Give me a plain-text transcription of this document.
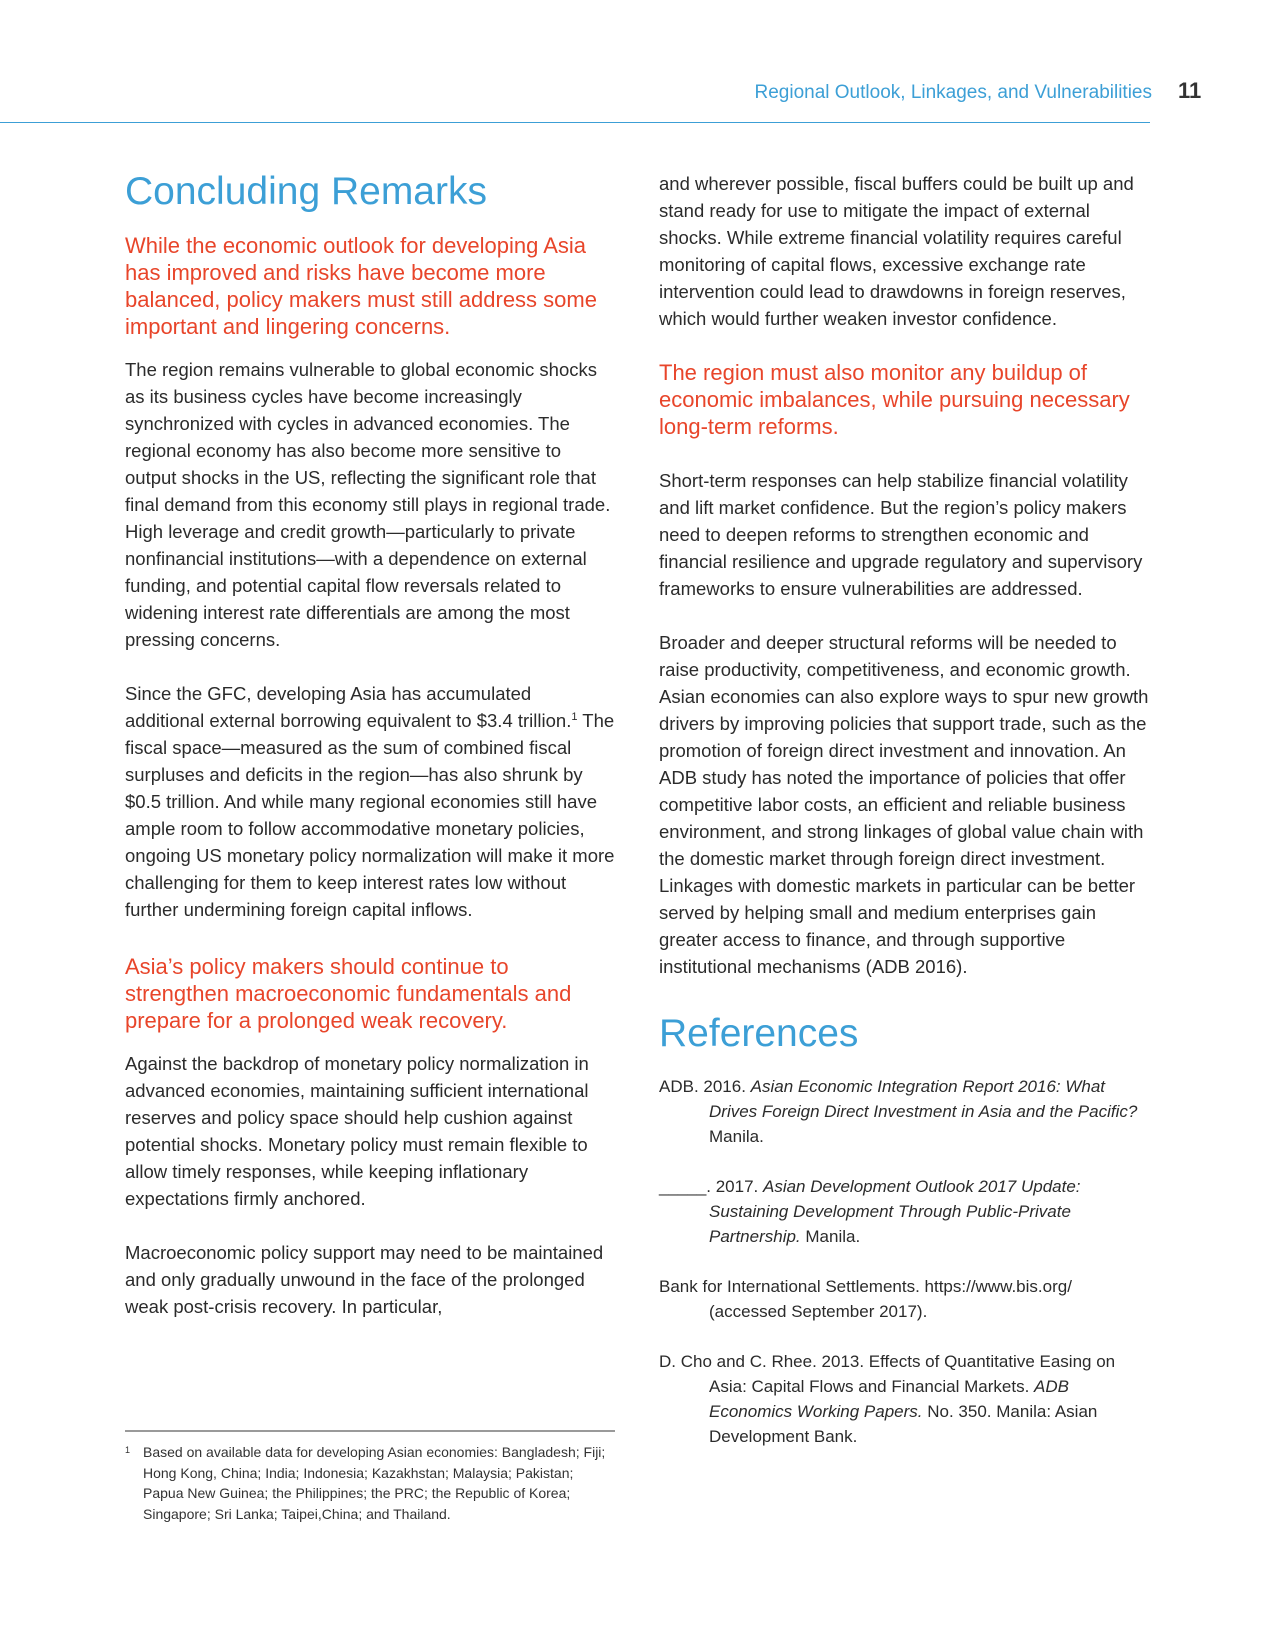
Regional Outlook, Linkages, and Vulnerabilities 11
Concluding Remarks
While the economic outlook for developing Asia has improved and risks have become more balanced, policy makers must still address some important and lingering concerns.

The region remains vulnerable to global economic shocks as its business cycles have become increasingly synchronized with cycles in advanced economies. The regional economy has also become more sensitive to output shocks in the US, reflecting the significant role that final demand from this economy still plays in regional trade. High leverage and credit growth—particularly to private nonfinancial institutions—with a dependence on external funding, and potential capital flow reversals related to widening interest rate differentials are among the most pressing concerns.

Since the GFC, developing Asia has accumulated additional external borrowing equivalent to $3.4 trillion.$^1$ The fiscal space—measured as the sum of combined fiscal surpluses and deficits in the region—has also shrunk by $0.5 trillion. And while many regional economies still have ample room to follow accommodative monetary policies, ongoing US monetary policy normalization will make it more challenging for them to keep interest rates low without further undermining foreign capital inflows.

Asia’s policy makers should continue to strengthen macroeconomic fundamentals and prepare for a prolonged weak recovery.

Against the backdrop of monetary policy normalization in advanced economies, maintaining sufficient international reserves and policy space should help cushion against potential shocks. Monetary policy must remain flexible to allow timely responses, while keeping inflationary expectations firmly anchored.

Macroeconomic policy support may need to be maintained and only gradually unwound in the face of the prolonged weak post-crisis recovery. In particular,

1 Based on available data for developing Asian economies: Bangladesh; Fiji; Hong Kong, China; India; Indonesia; Kazakhstan; Malaysia; Pakistan; Papua New Guinea; the Philippines; the PRC; the Republic of Korea; Singapore; Sri Lanka; Taipei,China; and Thailand.

and wherever possible, fiscal buffers could be built up and stand ready for use to mitigate the impact of external shocks. While extreme financial volatility requires careful monitoring of capital flows, excessive exchange rate intervention could lead to drawdowns in foreign reserves, which would further weaken investor confidence.

The region must also monitor any buildup of economic imbalances, while pursuing necessary long-term reforms.

Short-term responses can help stabilize financial volatility and lift market confidence. But the region’s policy makers need to deepen reforms to strengthen economic and financial resilience and upgrade regulatory and supervisory frameworks to ensure vulnerabilities are addressed.

Broader and deeper structural reforms will be needed to raise productivity, competitiveness, and economic growth. Asian economies can also explore ways to spur new growth drivers by improving policies that support trade, such as the promotion of foreign direct investment and innovation. An ADB study has noted the importance of policies that offer competitive labor costs, an efficient and reliable business environment, and strong linkages of global value chain with the domestic market through foreign direct investment. Linkages with domestic markets in particular can be better served by helping small and medium enterprises gain greater access to finance, and through supportive institutional mechanisms (ADB 2016).

References

ADB. 2016. Asian Economic Integration Report 2016: What Drives Foreign Direct Investment in Asia and the Pacific? Manila.

_____. 2017. Asian Development Outlook 2017 Update: Sustaining Development Through Public-Private Partnership. Manila.

Bank for International Settlements. https://www.bis.org/ (accessed September 2017).

D. Cho and C. Rhee. 2013. Effects of Quantitative Easing on Asia: Capital Flows and Financial Markets. ADB Economics Working Papers. No. 350. Manila: Asian Development Bank.
